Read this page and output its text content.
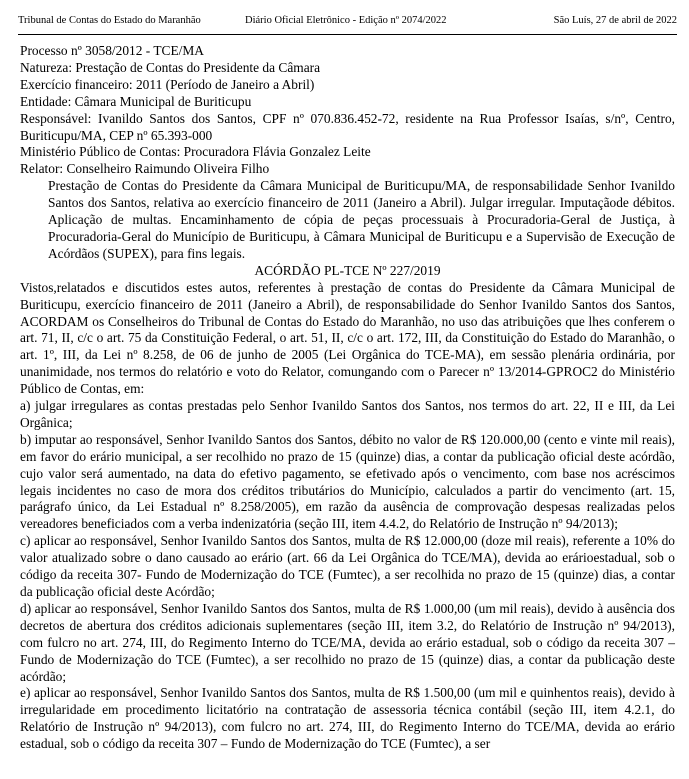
Tribunal de Contas do Estado do Maranhão	Diário Oficial Eletrônico - Edição nº 2074/2022	São Luís, 27 de abril de 2022

Processo nº 3058/2012 - TCE/MA

Natureza: Prestação de Contas do Presidente da Câmara

Exercício financeiro: 2011 (Período de Janeiro a Abril)

Entidade: Câmara Municipal de Buriticupu

Responsável: Ivanildo Santos dos Santos, CPF nº 070.836.452-72, residente na Rua Professor Isaías, s/nº, Centro, Buriticupu/MA, CEP nº 65.393-000

Ministério Público de Contas: Procuradora Flávia Gonzalez Leite

Relator: Conselheiro Raimundo Oliveira Filho

Prestação de Contas do Presidente da Câmara Municipal de Buriticupu/MA, de responsabilidade Senhor Ivanildo Santos dos Santos, relativa ao exercício financeiro de 2011 (Janeiro a Abril). Julgar irregular. Imputaçãode débitos. Aplicação de multas. Encaminhamento de cópia de peças processuais à Procuradoria-Geral de Justiça, à Procuradoria-Geral do Município de Buriticupu, à Câmara Municipal de Buriticupu e a Supervisão de Execução de Acórdãos (SUPEX), para fins legais.

ACÓRDÃO PL-TCE Nº 227/2019

Vistos,relatados e discutidos estes autos, referentes à prestação de contas do Presidente da Câmara Municipal de Buriticupu, exercício financeiro de 2011 (Janeiro a Abril), de responsabilidade do Senhor Ivanildo Santos dos Santos, ACORDAM os Conselheiros do Tribunal de Contas do Estado do Maranhão, no uso das atribuições que lhes conferem o art. 71, II, c/c o art. 75 da Constituição Federal, o art. 51, II, c/c o art. 172, III, da Constituição do Estado do Maranhão, o art. 1º, III, da Lei nº 8.258, de 06 de junho de 2005 (Lei Orgânica do TCE-MA), em sessão plenária ordinária, por unanimidade, nos termos do relatório e voto do Relator, comungando com o Parecer nº 13/2014-GPROC2 do Ministério Público de Contas, em:

a) julgar irregulares as contas prestadas pelo Senhor Ivanildo Santos dos Santos, nos termos do art. 22, II e III, da Lei Orgânica;

b) imputar ao responsável, Senhor Ivanildo Santos dos Santos, débito no valor de R$ 120.000,00 (cento e vinte mil reais), em favor do erário municipal, a ser recolhido no prazo de 15 (quinze) dias, a contar da publicação oficial deste acórdão, cujo valor será aumentado, na data do efetivo pagamento, se efetivado após o vencimento, com base nos acréscimos legais incidentes no caso de mora dos créditos tributários do Município, calculados a partir do vencimento (art. 15, parágrafo único, da Lei Estadual nº 8.258/2005), em razão da ausência de comprovação despesas realizadas pelos vereadores beneficiados com a verba indenizatória (seção III, item 4.4.2, do Relatório de Instrução nº 94/2013);

c) aplicar ao responsável, Senhor Ivanildo Santos dos Santos, multa de R$ 12.000,00 (doze mil reais), referente a 10% do valor atualizado sobre o dano causado ao erário (art. 66 da Lei Orgânica do TCE/MA), devida ao erárioestadual, sob o código da receita 307- Fundo de Modernização do TCE (Fumtec), a ser recolhida no prazo de 15 (quinze) dias, a contar da publicação oficial deste Acórdão;

d) aplicar ao responsável, Senhor Ivanildo Santos dos Santos, multa de R$ 1.000,00 (um mil reais), devido à ausência dos decretos de abertura dos créditos adicionais suplementares (seção III, item 3.2, do Relatório de Instrução nº 94/2013), com fulcro no art. 274, III, do Regimento Interno do TCE/MA, devida ao erário estadual, sob o código da receita 307 – Fundo de Modernização do TCE (Fumtec), a ser recolhido no prazo de 15 (quinze) dias, a contar da publicação deste acórdão;

e) aplicar ao responsável, Senhor Ivanildo Santos dos Santos, multa de R$ 1.500,00 (um mil e quinhentos reais), devido à irregularidade em procedimento licitatório na contratação de assessoria técnica contábil (seção III, item 4.2.1, do Relatório de Instrução nº 94/2013), com fulcro no art. 274, III, do Regimento Interno do TCE/MA, devida ao erário estadual, sob o código da receita 307 – Fundo de Modernização do TCE (Fumtec), a ser
